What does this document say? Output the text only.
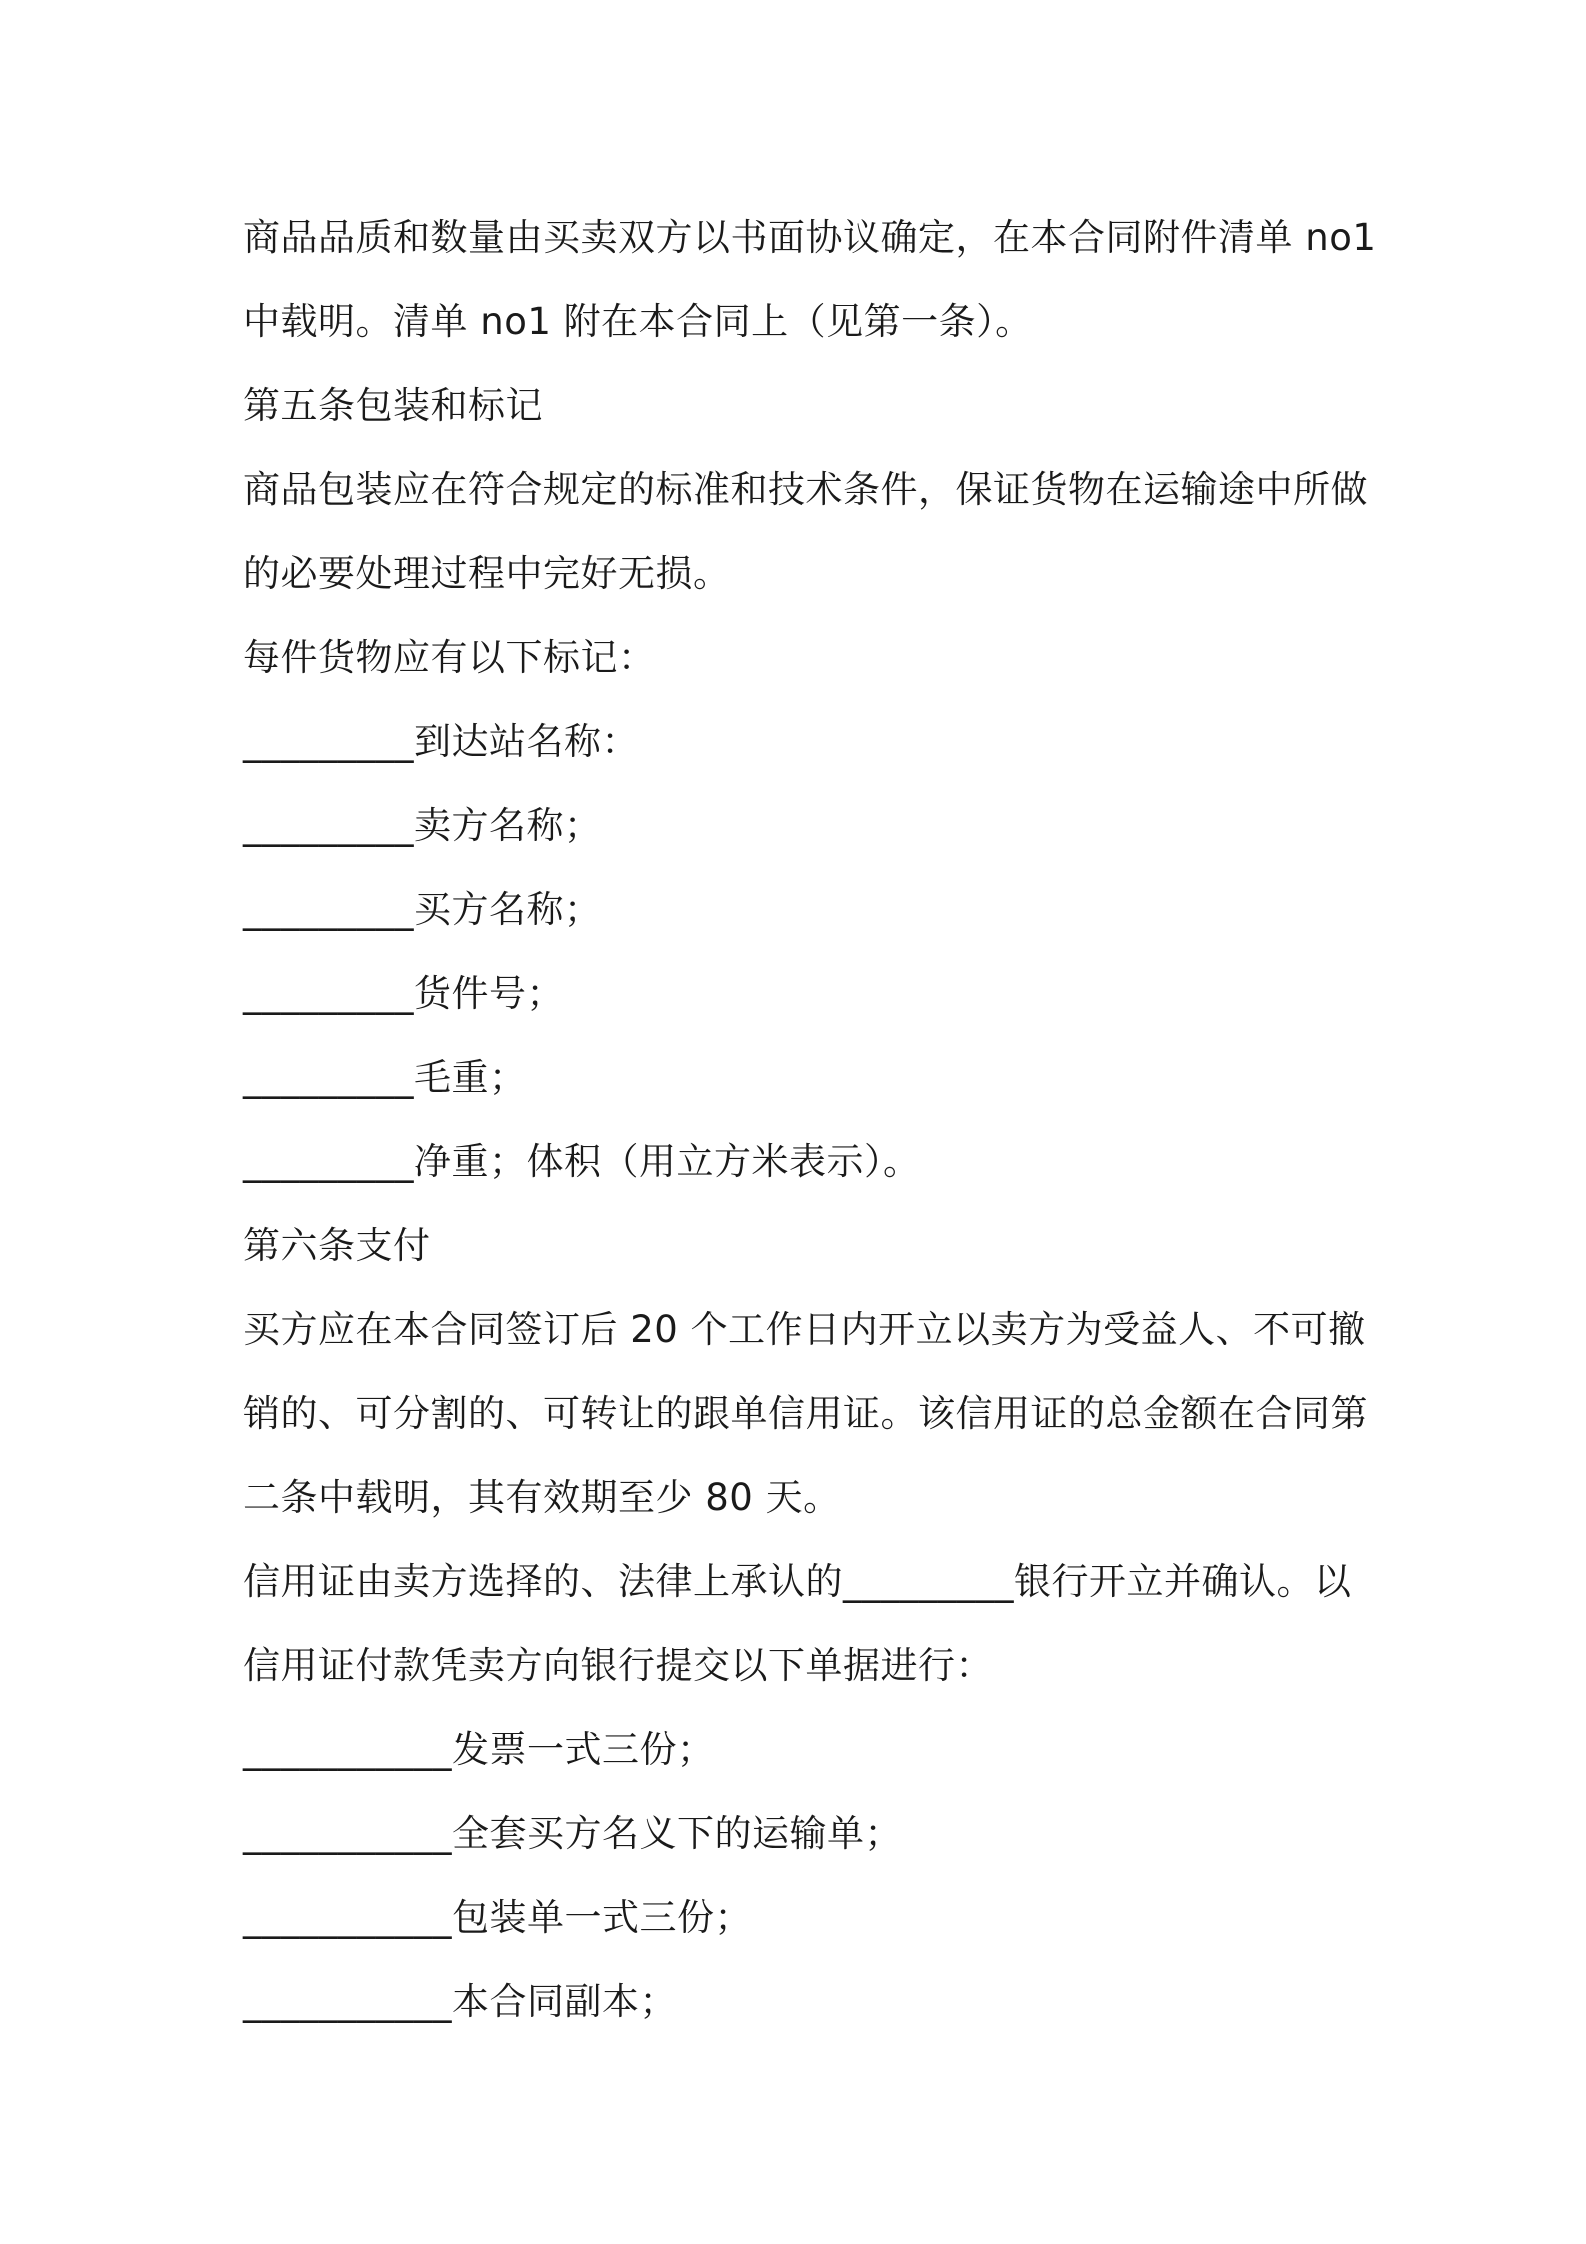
商品品质和数量由买卖双方以书面协议确定，在本合同附件清单 no1
中载明。清单 no1 附在本合同上（见第一条）。
第五条包装和标记
商品包装应在符合规定的标准和技术条件，保证货物在运输途中所做
的必要处理过程中完好无损。
每件货物应有以下标记：
_________到达站名称：
_________卖方名称；
_________买方名称；
_________货件号；
_________毛重；
_________净重；体积（用立方米表示）。
第六条支付
买方应在本合同签订后 20 个工作日内开立以卖方为受益人、不可撤
销的、可分割的、可转让的跟单信用证。该信用证的总金额在合同第
二条中载明，其有效期至少 80 天。
信用证由卖方选择的、法律上承认的_________银行开立并确认。以
信用证付款凭卖方向银行提交以下单据进行：
___________发票一式三份；
___________全套买方名义下的运输单；
___________包装单一式三份；
___________本合同副本；
